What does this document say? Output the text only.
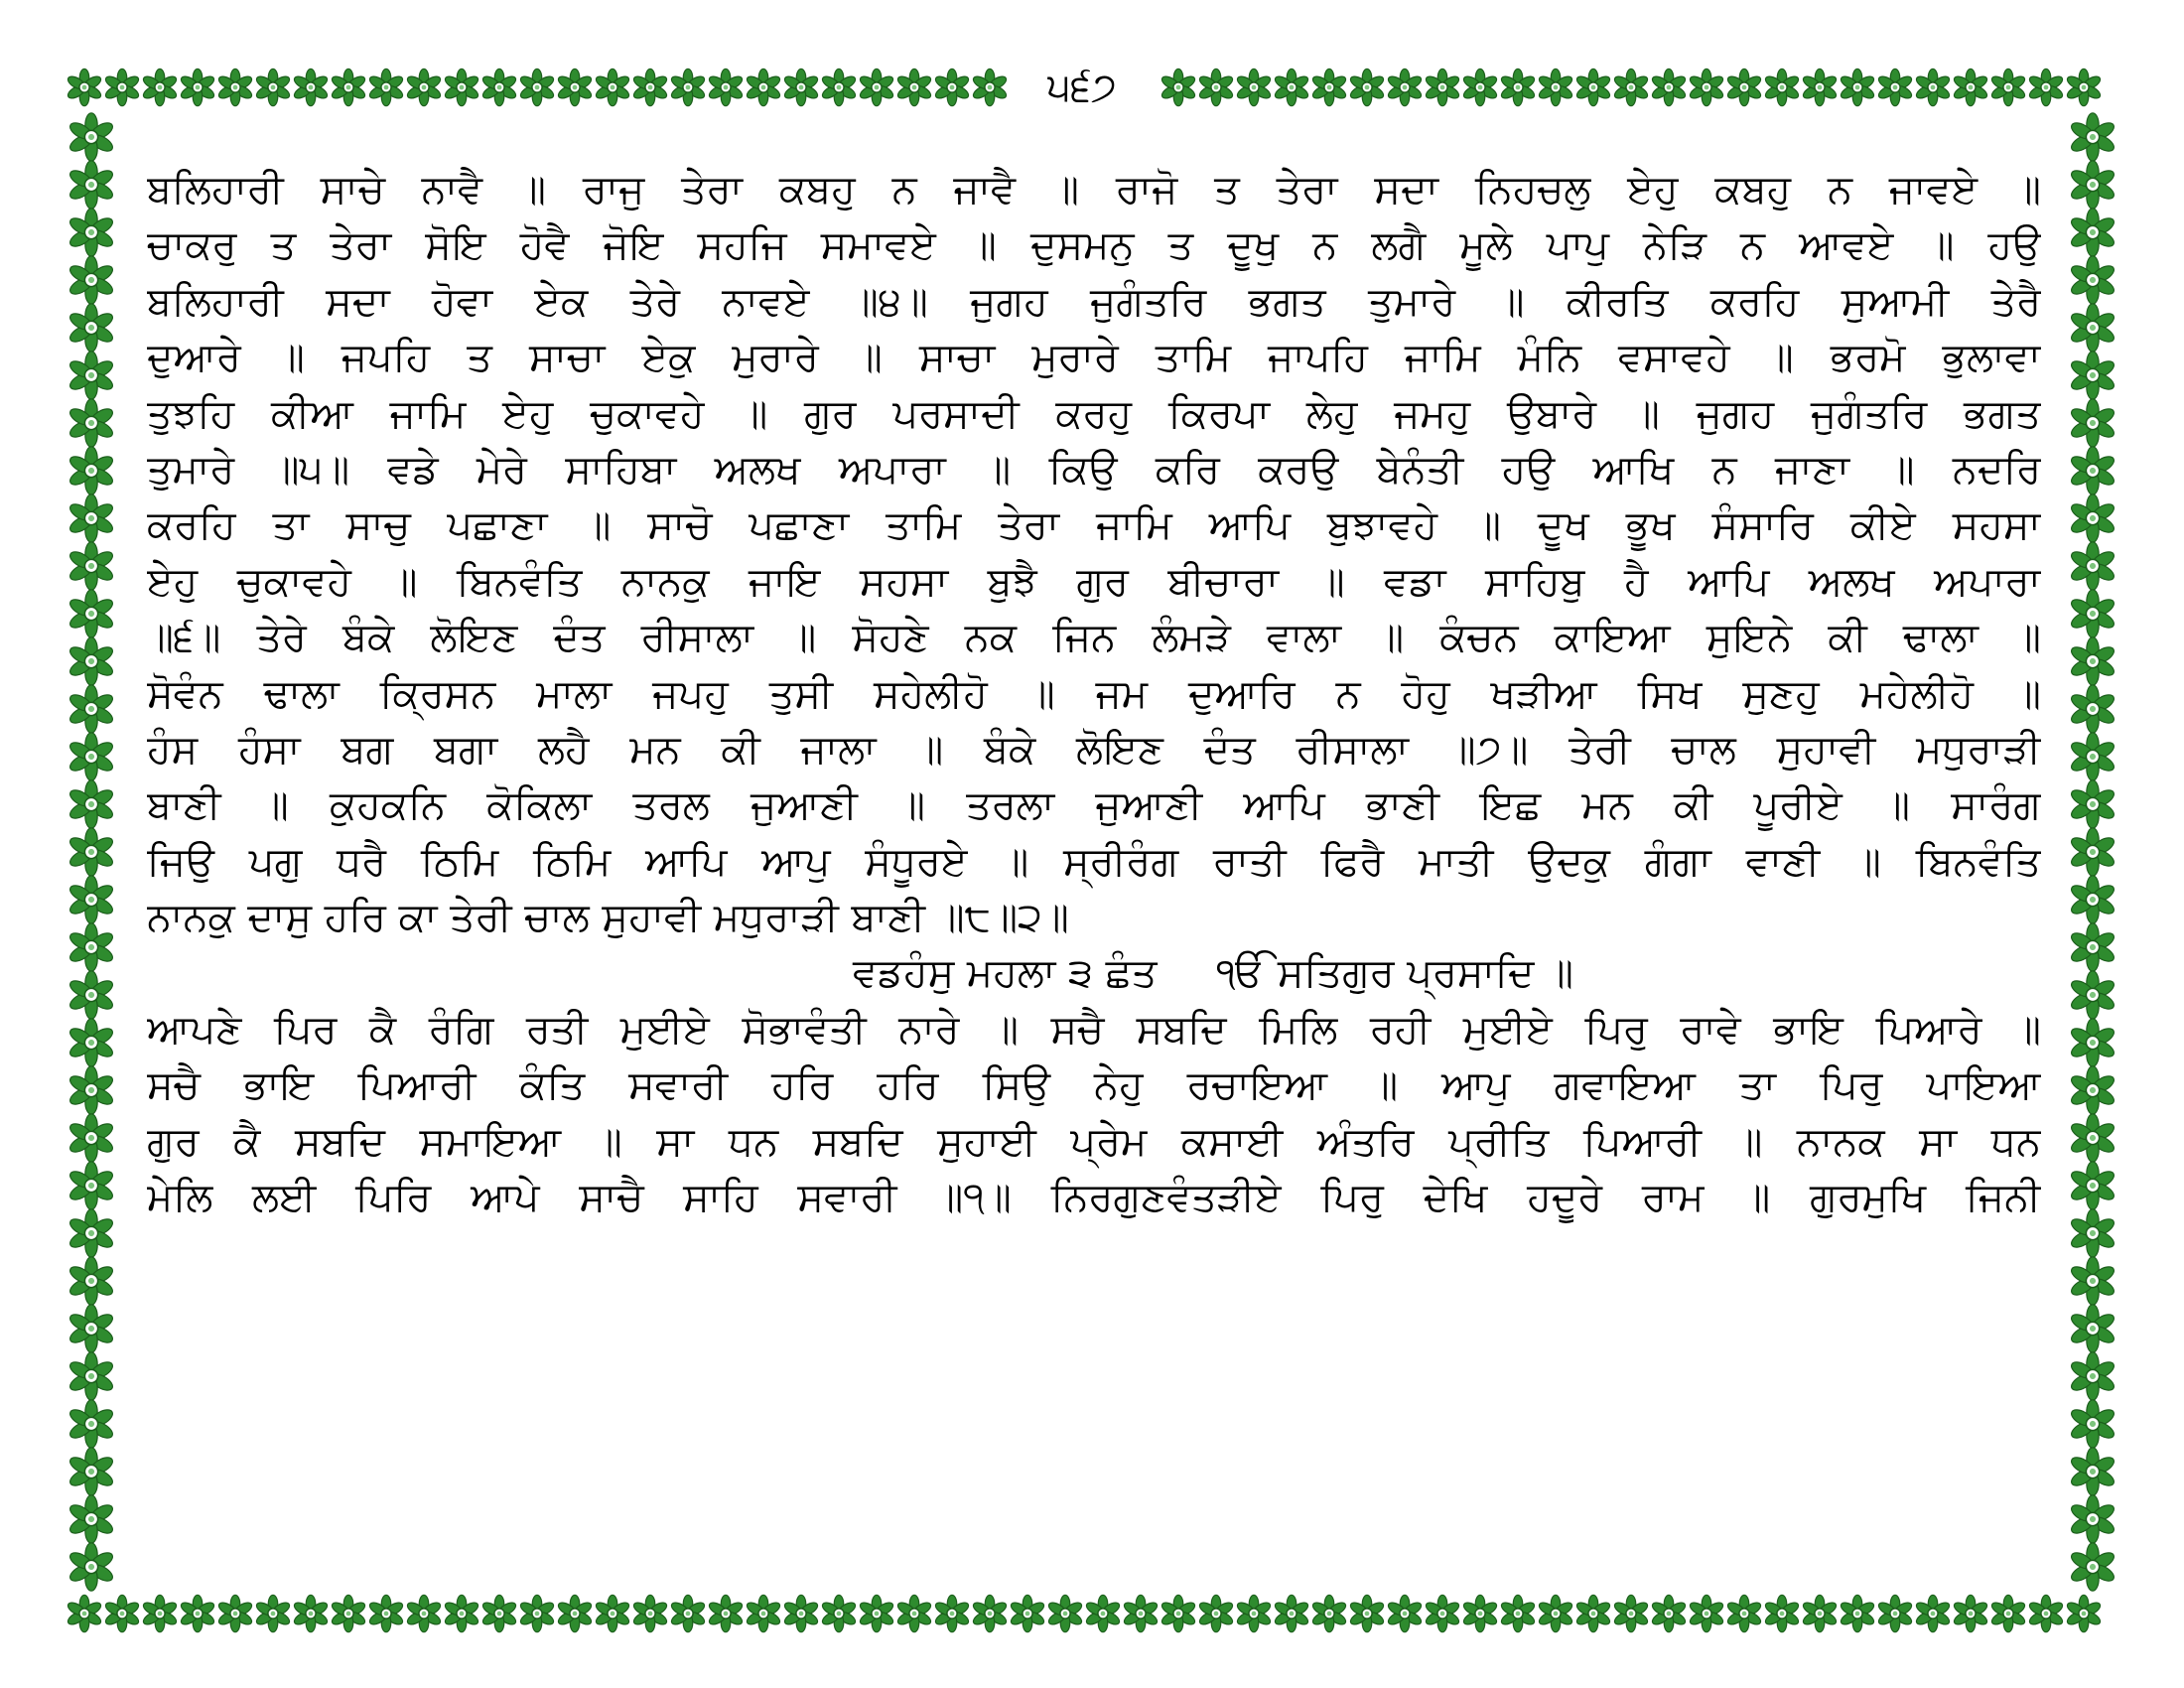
੫੬੭
ਬਲਿਹਾਰੀ ਸਾਚੇ ਨਾਵੈ ॥ ਰਾਜੁ ਤੇਰਾ ਕਬਹੁ ਨ ਜਾਵੈ ॥ ਰਾਜੋ ਤ ਤੇਰਾ ਸਦਾ ਨਿਹਚਲੁ ਏਹੁ ਕਬਹੁ ਨ ਜਾਵਏ ॥
ਚਾਕਰੁ ਤ ਤੇਰਾ ਸੋਇ ਹੋਵੈ ਜੋਇ ਸਹਜਿ ਸਮਾਵਏ ॥ ਦੁਸਮਨੁ ਤ ਦੂਖੁ ਨ ਲਗੈ ਮੂਲੇ ਪਾਪੁ ਨੇੜਿ ਨ ਆਵਏ ॥ ਹਉ
ਬਲਿਹਾਰੀ ਸਦਾ ਹੋਵਾ ਏਕ ਤੇਰੇ ਨਾਵਏ ॥੪॥ ਜੁਗਹ ਜੁਗੰਤਰਿ ਭਗਤ ਤੁਮਾਰੇ ॥ ਕੀਰਤਿ ਕਰਹਿ ਸੁਆਮੀ ਤੇਰੈ
ਦੁਆਰੇ ॥ ਜਪਹਿ ਤ ਸਾਚਾ ਏਕੁ ਮੁਰਾਰੇ ॥ ਸਾਚਾ ਮੁਰਾਰੇ ਤਾਮਿ ਜਾਪਹਿ ਜਾਮਿ ਮੰਨਿ ਵਸਾਵਹੇ ॥ ਭਰਮੋ ਭੁਲਾਵਾ
ਤੁਝਹਿ ਕੀਆ ਜਾਮਿ ਏਹੁ ਚੁਕਾਵਹੇ ॥ ਗੁਰ ਪਰਸਾਦੀ ਕਰਹੁ ਕਿਰਪਾ ਲੇਹੁ ਜਮਹੁ ਉਬਾਰੇ ॥ ਜੁਗਹ ਜੁਗੰਤਰਿ ਭਗਤ
ਤੁਮਾਰੇ ॥੫॥ ਵਡੇ ਮੇਰੇ ਸਾਹਿਬਾ ਅਲਖ ਅਪਾਰਾ ॥ ਕਿਉ ਕਰਿ ਕਰਉ ਬੇਨੰਤੀ ਹਉ ਆਖਿ ਨ ਜਾਣਾ ॥ ਨਦਰਿ
ਕਰਹਿ ਤਾ ਸਾਚੁ ਪਛਾਣਾ ॥ ਸਾਚੋ ਪਛਾਣਾ ਤਾਮਿ ਤੇਰਾ ਜਾਮਿ ਆਪਿ ਬੁਝਾਵਹੇ ॥ ਦੂਖ ਭੂਖ ਸੰਸਾਰਿ ਕੀਏ ਸਹਸਾ
ਏਹੁ ਚੁਕਾਵਹੇ ॥ ਬਿਨਵੰਤਿ ਨਾਨਕੁ ਜਾਇ ਸਹਸਾ ਬੁਝੈ ਗੁਰ ਬੀਚਾਰਾ ॥ ਵਡਾ ਸਾਹਿਬੁ ਹੈ ਆਪਿ ਅਲਖ ਅਪਾਰਾ
॥੬॥ ਤੇਰੇ ਬੰਕੇ ਲੋਇਣ ਦੰਤ ਰੀਸਾਲਾ ॥ ਸੋਹਣੇ ਨਕ ਜਿਨ ਲੰਮੜੇ ਵਾਲਾ ॥ ਕੰਚਨ ਕਾਇਆ ਸੁਇਨੇ ਕੀ ਢਾਲਾ ॥
ਸੋਵੰਨ ਢਾਲਾ ਕ੍ਰਿਸਨ ਮਾਲਾ ਜਪਹੁ ਤੁਸੀ ਸਹੇਲੀਹੋ ॥ ਜਮ ਦੁਆਰਿ ਨ ਹੋਹੁ ਖੜੀਆ ਸਿਖ ਸੁਣਹੁ ਮਹੇਲੀਹੋ ॥
ਹੰਸ ਹੰਸਾ ਬਗ ਬਗਾ ਲਹੈ ਮਨ ਕੀ ਜਾਲਾ ॥ ਬੰਕੇ ਲੋਇਣ ਦੰਤ ਰੀਸਾਲਾ ॥੭॥ ਤੇਰੀ ਚਾਲ ਸੁਹਾਵੀ ਮਧੁਰਾੜੀ
ਬਾਣੀ ॥ ਕੁਹਕਨਿ ਕੋਕਿਲਾ ਤਰਲ ਜੁਆਣੀ ॥ ਤਰਲਾ ਜੁਆਣੀ ਆਪਿ ਭਾਣੀ ਇਛ ਮਨ ਕੀ ਪੂਰੀਏ ॥ ਸਾਰੰਗ
ਜਿਉ ਪਗੁ ਧਰੈ ਠਿਮਿ ਠਿਮਿ ਆਪਿ ਆਪੁ ਸੰਧੂਰਏ ॥ ਸ੍ਰੀਰੰਗ ਰਾਤੀ ਫਿਰੈ ਮਾਤੀ ਉਦਕੁ ਗੰਗਾ ਵਾਣੀ ॥ ਬਿਨਵੰਤਿ
ਨਾਨਕੁ ਦਾਸੁ ਹਰਿ ਕਾ ਤੇਰੀ ਚਾਲ ਸੁਹਾਵੀ ਮਧੁਰਾੜੀ ਬਾਣੀ ॥੮॥੨॥
ਵਡਹੰਸੁ ਮਹਲਾ ੩ ਛੰਤ ੴ ਸਤਿਗੁਰ ਪ੍ਰਸਾਦਿ ॥
ਆਪਣੇ ਪਿਰ ਕੈ ਰੰਗਿ ਰਤੀ ਮੁਈਏ ਸੋਭਾਵੰਤੀ ਨਾਰੇ ॥ ਸਚੈ ਸਬਦਿ ਮਿਲਿ ਰਹੀ ਮੁਈਏ ਪਿਰੁ ਰਾਵੇ ਭਾਇ ਪਿਆਰੇ ॥
ਸਚੈ ਭਾਇ ਪਿਆਰੀ ਕੰਤਿ ਸਵਾਰੀ ਹਰਿ ਹਰਿ ਸਿਉ ਨੇਹੁ ਰਚਾਇਆ ॥ ਆਪੁ ਗਵਾਇਆ ਤਾ ਪਿਰੁ ਪਾਇਆ
ਗੁਰ ਕੈ ਸਬਦਿ ਸਮਾਇਆ ॥ ਸਾ ਧਨ ਸਬਦਿ ਸੁਹਾਈ ਪ੍ਰੇਮ ਕਸਾਈ ਅੰਤਰਿ ਪ੍ਰੀਤਿ ਪਿਆਰੀ ॥ ਨਾਨਕ ਸਾ ਧਨ
ਮੇਲਿ ਲਈ ਪਿਰਿ ਆਪੇ ਸਾਚੈ ਸਾਹਿ ਸਵਾਰੀ ॥੧॥ ਨਿਰਗੁਣਵੰਤੜੀਏ ਪਿਰੁ ਦੇਖਿ ਹਦੂਰੇ ਰਾਮ ॥ ਗੁਰਮੁਖਿ ਜਿਨੀ
